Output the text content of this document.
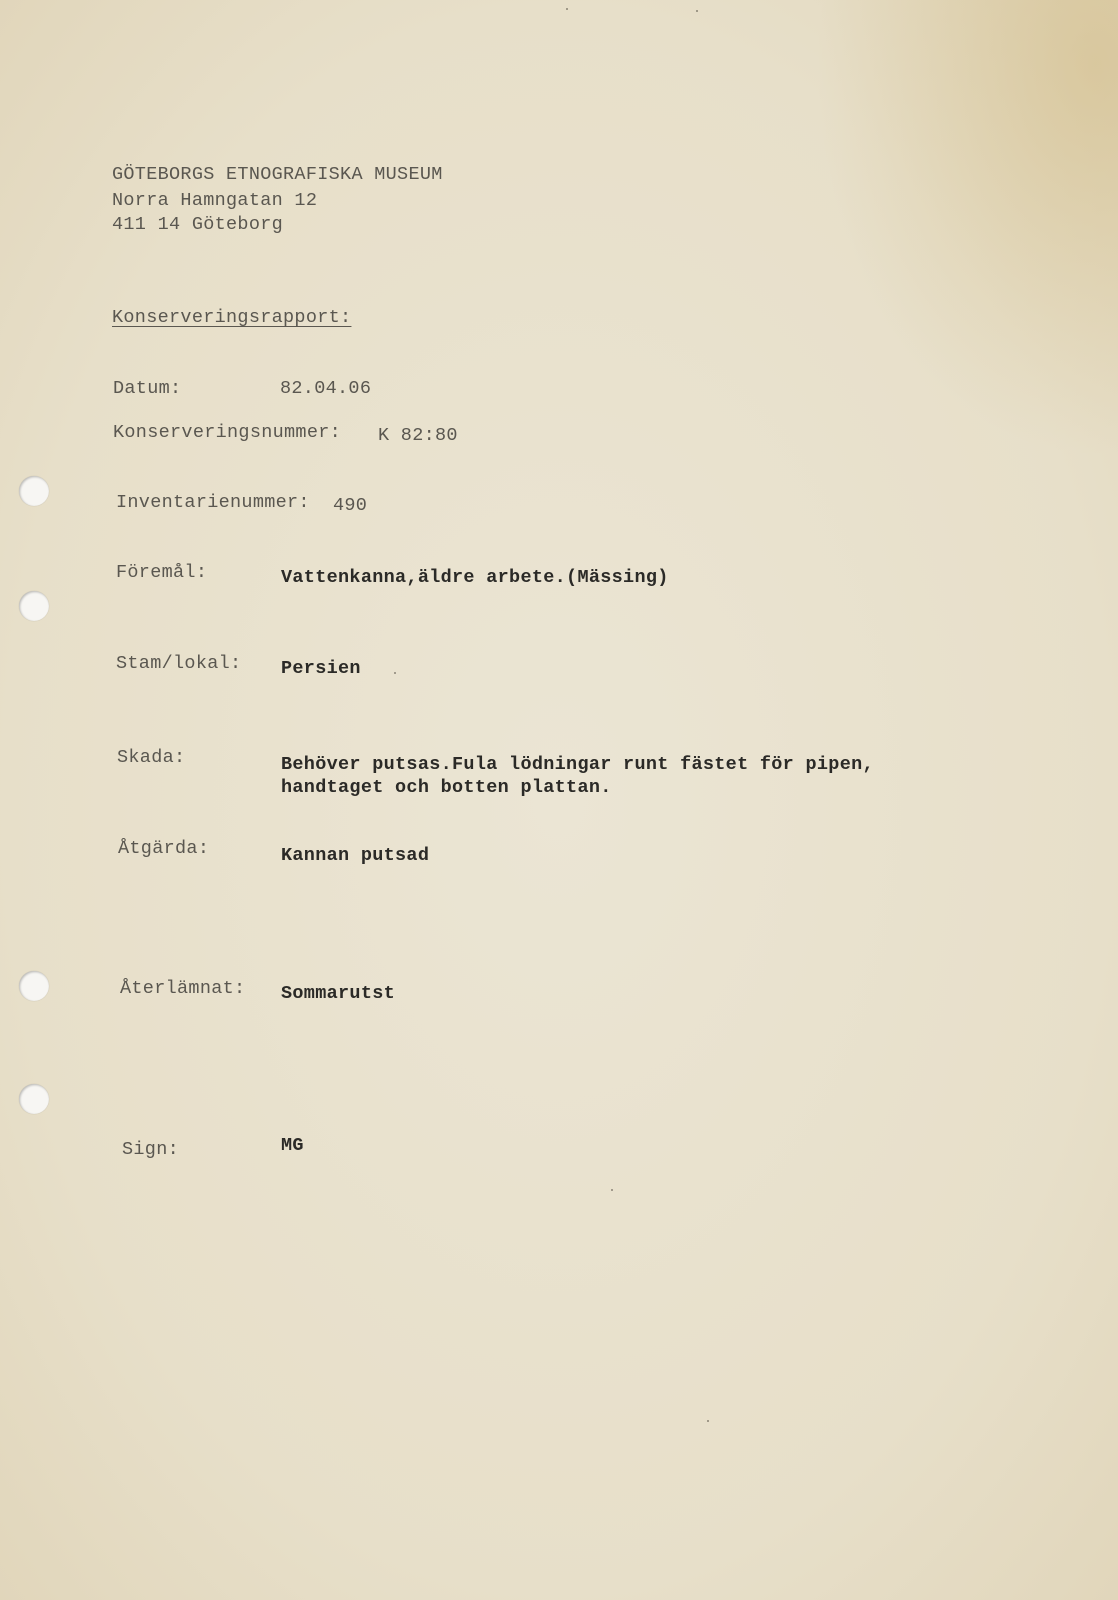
GÖTEBORGS ETNOGRAFISKA MUSEUM
Norra Hamngatan 12
411 14 Göteborg
Konserveringsrapport:
Datum:	82.04.06
Konserveringsnummer: K 82:80
Inventarienummer: 490
Föremål:	Vattenkanna,äldre arbete.(Mässing)
Stam/lokal: Persien
Skada:	Behöver putsas.Fula lödningar runt fästet för pipen,
handtaget och botten plattan.
Åtgärda:	Kannan putsad
Återlämnat: Sommarutst
Sign:	MG
